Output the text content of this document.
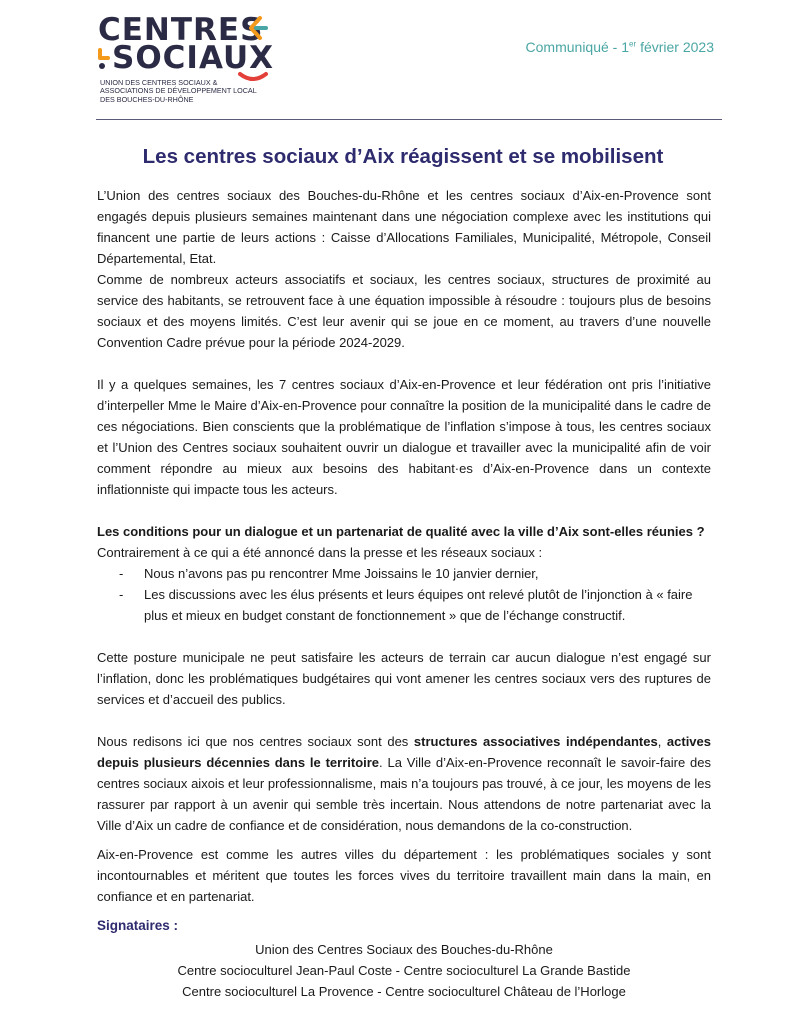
CENTRES
SOCIAUX
UNION DES CENTRES SOCIAUX &
ASSOCIATIONS DE DÉVELOPPEMENT LOCAL
DES BOUCHES-DU-RHÔNE
Communiqué - 1er février 2023
Les centres sociaux d’Aix réagissent et se mobilisent

L’Union des centres sociaux des Bouches-du-Rhône et les centres sociaux d’Aix-en-Provence sont engagés depuis plusieurs semaines maintenant dans une négociation complexe avec les institutions qui financent une partie de leurs actions : Caisse d’Allocations Familiales, Municipalité, Métropole, Conseil Départemental, Etat.

Comme de nombreux acteurs associatifs et sociaux, les centres sociaux, structures de proximité au service des habitants, se retrouvent face à une équation impossible à résoudre : toujours plus de besoins sociaux et des moyens limités. C’est leur avenir qui se joue en ce moment, au travers d’une nouvelle Convention Cadre prévue pour la période 2024-2029.

Il y a quelques semaines, les 7 centres sociaux d’Aix-en-Provence et leur fédération ont pris l’initiative d’interpeller Mme le Maire d’Aix-en-Provence pour connaître la position de la municipalité dans le cadre de ces négociations. Bien conscients que la problématique de l’inflation s’impose à tous, les centres sociaux et l’Union des Centres sociaux souhaitent ouvrir un dialogue et travailler avec la municipalité afin de voir comment répondre au mieux aux besoins des habitant·es d’Aix-en-Provence dans un contexte inflationniste qui impacte tous les acteurs.

Les conditions pour un dialogue et un partenariat de qualité avec la ville d’Aix sont-elles réunies ?

Contrairement à ce qui a été annoncé dans la presse et les réseaux sociaux :

- Nous n’avons pas pu rencontrer Mme Joissains le 10 janvier dernier,
- Les discussions avec les élus présents et leurs équipes ont relevé plutôt de l’injonction à « faire plus et mieux en budget constant de fonctionnement » que de l’échange constructif.

Cette posture municipale ne peut satisfaire les acteurs de terrain car aucun dialogue n’est engagé sur l’inflation, donc les problématiques budgétaires qui vont amener les centres sociaux vers des ruptures de services et d’accueil des publics.

Nous redisons ici que nos centres sociaux sont des structures associatives indépendantes, actives depuis plusieurs décennies dans le territoire. La Ville d’Aix-en-Provence reconnaît le savoir-faire des centres sociaux aixois et leur professionnalisme, mais n’a toujours pas trouvé, à ce jour, les moyens de les rassurer par rapport à un avenir qui semble très incertain. Nous attendons de notre partenariat avec la Ville d’Aix un cadre de confiance et de considération, nous demandons de la co-construction.

Aix-en-Provence est comme les autres villes du département : les problématiques sociales y sont incontournables et méritent que toutes les forces vives du territoire travaillent main dans la main, en confiance et en partenariat.

Signataires :
Union des Centres Sociaux des Bouches-du-Rhône
Centre socioculturel Jean-Paul Coste - Centre socioculturel La Grande Bastide
Centre socioculturel La Provence - Centre socioculturel Château de l’Horloge
